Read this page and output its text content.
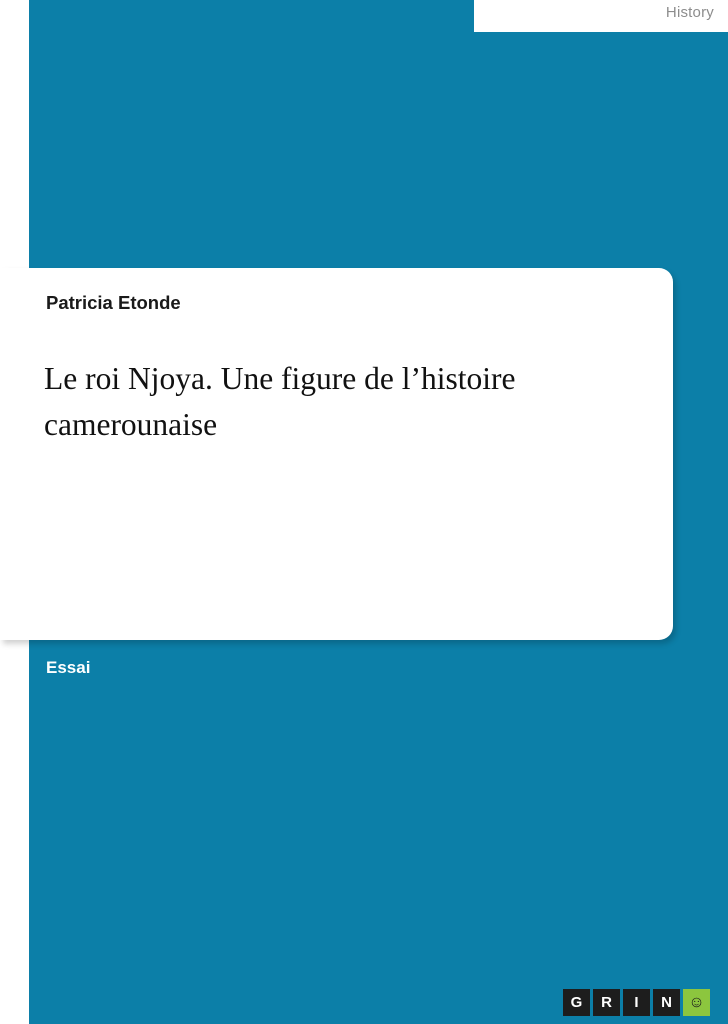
History
Patricia Etonde
Le roi Njoya. Une figure de l’histoire camerounaise
Essai
G	R	I	N	☺
